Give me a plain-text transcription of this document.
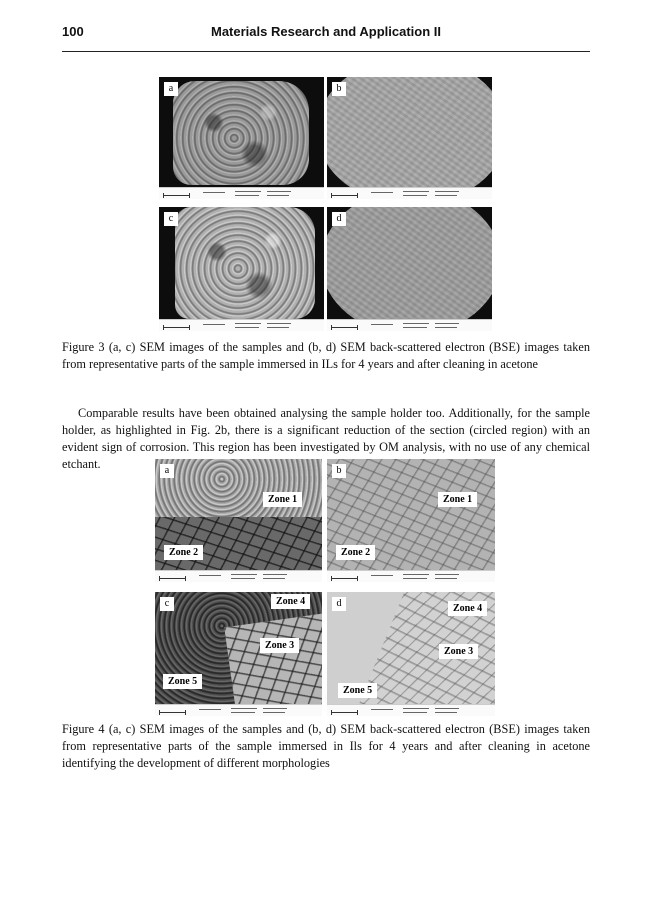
100	Materials Research and Application II
a	b
c	d

Figure 3 (a, c) SEM images of the samples and (b, d) SEM back-scattered electron (BSE) images taken from representative parts of the sample immersed in ILs for 4 years and after cleaning in acetone

Comparable results have been obtained analysing the sample holder too. Additionally, for the sample holder, as highlighted in Fig. 2b, there is a significant reduction of the section (circled region) with an evident sign of corrosion. This region has been investigated by OM analysis, with no use of any chemical etchant.	a
Zone 1
Zone 2
b
Zone 1
Zone 2
c	Zone 4
Zone 3
Zone 5
d	Zone 4
Zone 3
Zone 5

Figure 4 (a, c) SEM images of the samples and (b, d) SEM back-scattered electron (BSE) images taken from representative parts of the sample immersed in Ils for 4 years and after cleaning in acetone identifying the development of different morphologies
